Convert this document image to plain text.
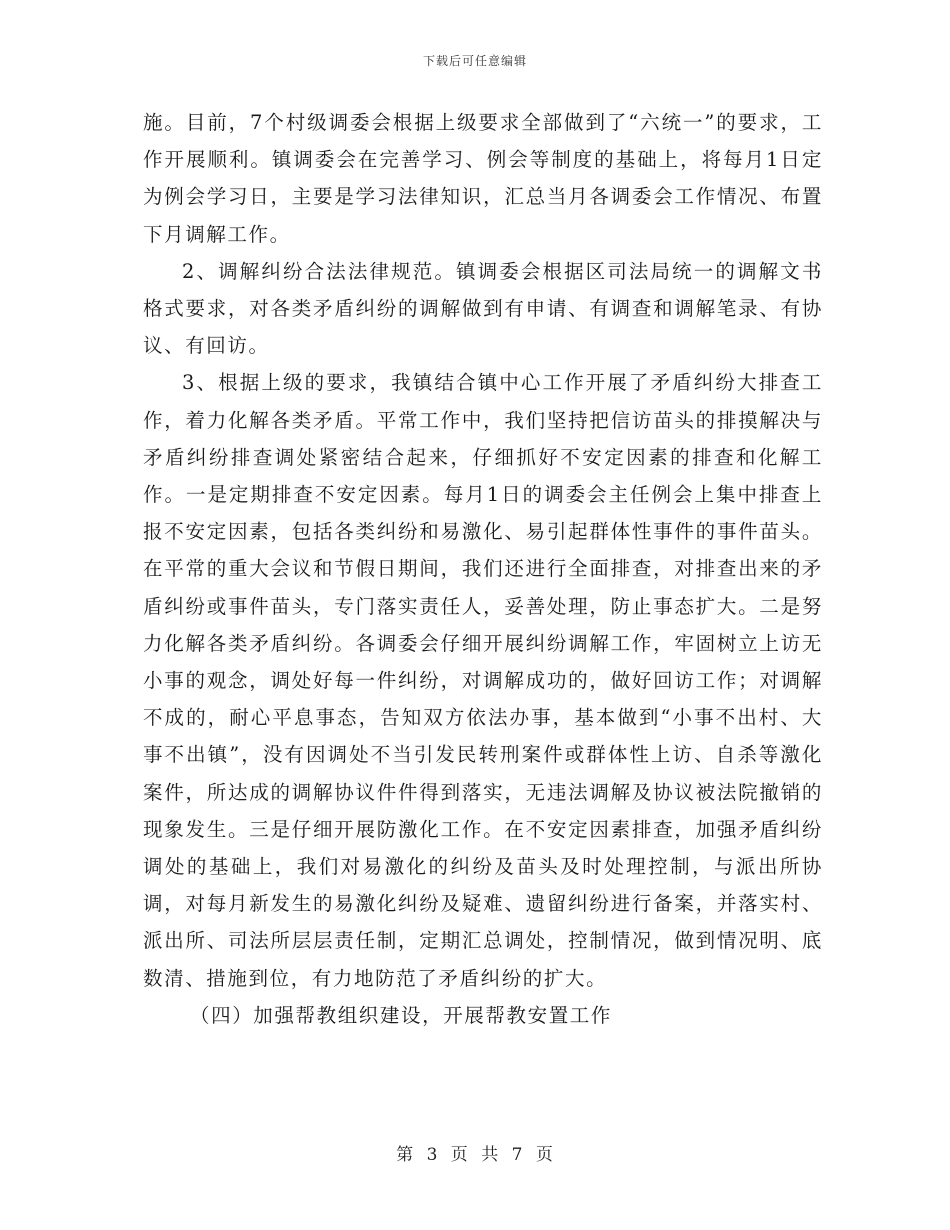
下载后可任意编辑

施。目前，7个村级调委会根据上级要求全部做到了“六统一”的要求，工作开展顺利。镇调委会在完善学习、例会等制度的基础上，将每月1日定为例会学习日，主要是学习法律知识，汇总当月各调委会工作情况、布置下月调解工作。

2、调解纠纷合法法律规范。镇调委会根据区司法局统一的调解文书格式要求，对各类矛盾纠纷的调解做到有申请、有调查和调解笔录、有协议、有回访。

3、根据上级的要求，我镇结合镇中心工作开展了矛盾纠纷大排查工作，着力化解各类矛盾。平常工作中，我们坚持把信访苗头的排摸解决与矛盾纠纷排查调处紧密结合起来，仔细抓好不安定因素的排查和化解工作。一是定期排查不安定因素。每月1日的调委会主任例会上集中排查上报不安定因素，包括各类纠纷和易激化、易引起群体性事件的事件苗头。在平常的重大会议和节假日期间，我们还进行全面排查，对排查出来的矛盾纠纷或事件苗头，专门落实责任人，妥善处理，防止事态扩大。二是努力化解各类矛盾纠纷。各调委会仔细开展纠纷调解工作，牢固树立上访无小事的观念，调处好每一件纠纷，对调解成功的，做好回访工作；对调解不成的，耐心平息事态，告知双方依法办事，基本做到“小事不出村、大事不出镇”，没有因调处不当引发民转刑案件或群体性上访、自杀等激化案件，所达成的调解协议件件得到落实，无违法调解及协议被法院撤销的现象发生。三是仔细开展防激化工作。在不安定因素排查，加强矛盾纠纷调处的基础上，我们对易激化的纠纷及苗头及时处理控制，与派出所协调，对每月新发生的易激化纠纷及疑难、遗留纠纷进行备案，并落实村、派出所、司法所层层责任制，定期汇总调处，控制情况，做到情况明、底数清、措施到位，有力地防范了矛盾纠纷的扩大。

（四）加强帮教组织建设，开展帮教安置工作

第 3 页 共 7 页
